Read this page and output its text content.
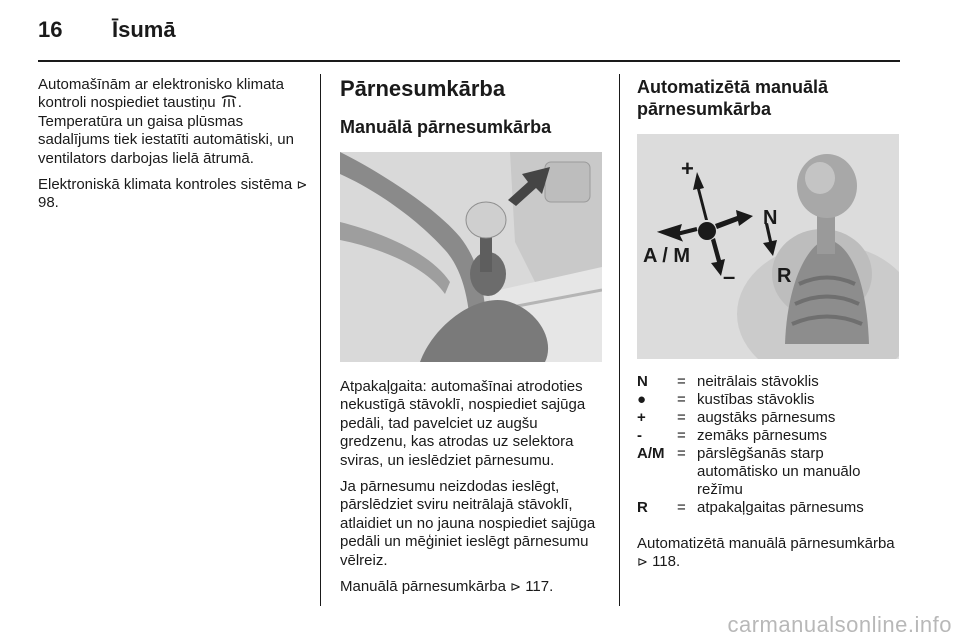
16 Īsumā

Automašīnām ar elektronisko klimata kontroli nospiediet taustiņu . Temperatūra un gaisa plūsmas sadalījums tiek iestatīti automātiski, un ventilators darbojas lielā ātrumā.

Elektroniskā klimata kontroles sistēma ⊳ 98.

Pārnesumkārba
Manuālā pārnesumkārba

Atpakaļgaita: automašīnai atrodoties nekustīgā stāvoklī, nospiediet sajūga pedāli, tad pavelciet uz augšu gredzenu, kas atrodas uz selektora sviras, un ieslēdziet pārnesumu.

Ja pārnesumu neizdodas ieslēgt, pārslēdziet sviru neitrālajā stāvoklī, atlaidiet un no jauna nospiediet sajūga pedāli un mēģiniet ieslēgt pārnesumu vēlreiz.

Manuālā pārnesumkārba ⊳ 117.

Automatizētā manuālā
pārnesumkārba
+
–
A / M
N
R
N	=	neitrālais stāvoklis
●	=	kustības stāvoklis
+	=	augstāks pārnesums
-	=	zemāks pārnesums
A/M	=	pārslēgšanās starp automātisko un manuālo režīmu
R	=	atpakaļgaitas pārnesums

Automatizētā manuālā pārnesumkārba ⊳ 118.

carmanualsonline.info
